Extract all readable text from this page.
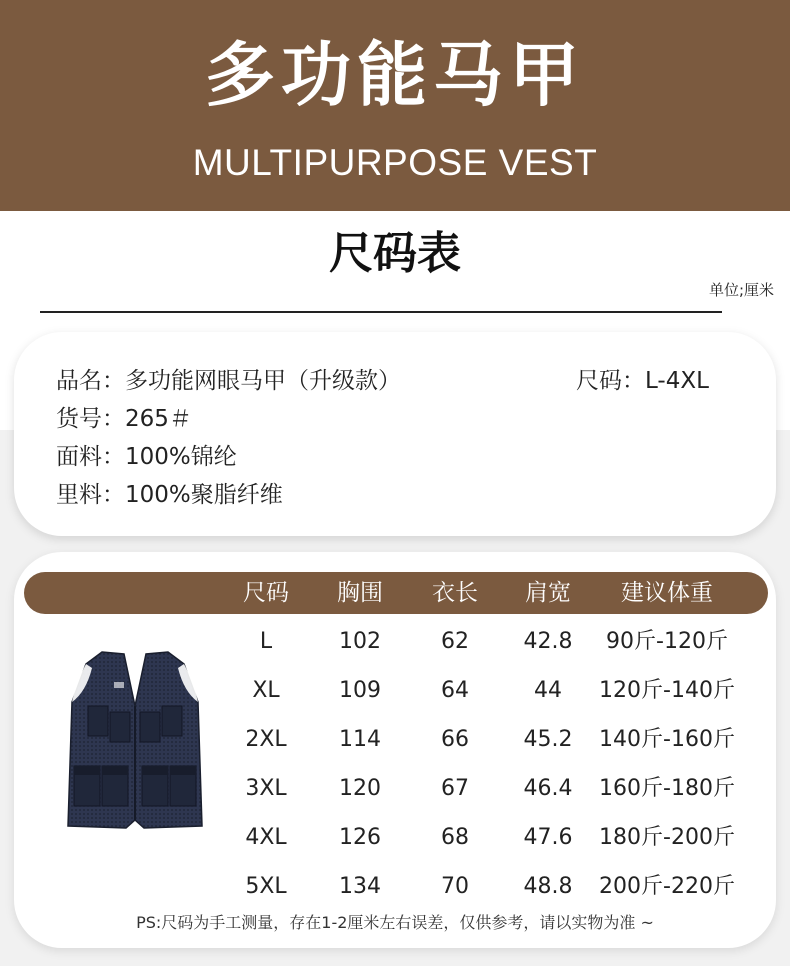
多功能马甲
MULTIPURPOSE VEST
尺码表
单位;厘米
品名：多功能网眼马甲（升级款）
货号：265＃
面料：100%锦纶
里料：100%聚脂纤维
尺码：L-4XL
尺码 胸围 衣长 肩宽 建议体重
L	102	62 42.8 90斤-120斤
XL	109	64	44 120斤-140斤
2XL 114	66 45.2 140斤-160斤
3XL 120	67 46.4 160斤-180斤
4XL 126	68 47.6 180斤-200斤
5XL 134	70 48.8 200斤-220斤
PS:尺码为手工测量，存在1-2厘米左右误差，仅供参考，请以实物为准 ~
